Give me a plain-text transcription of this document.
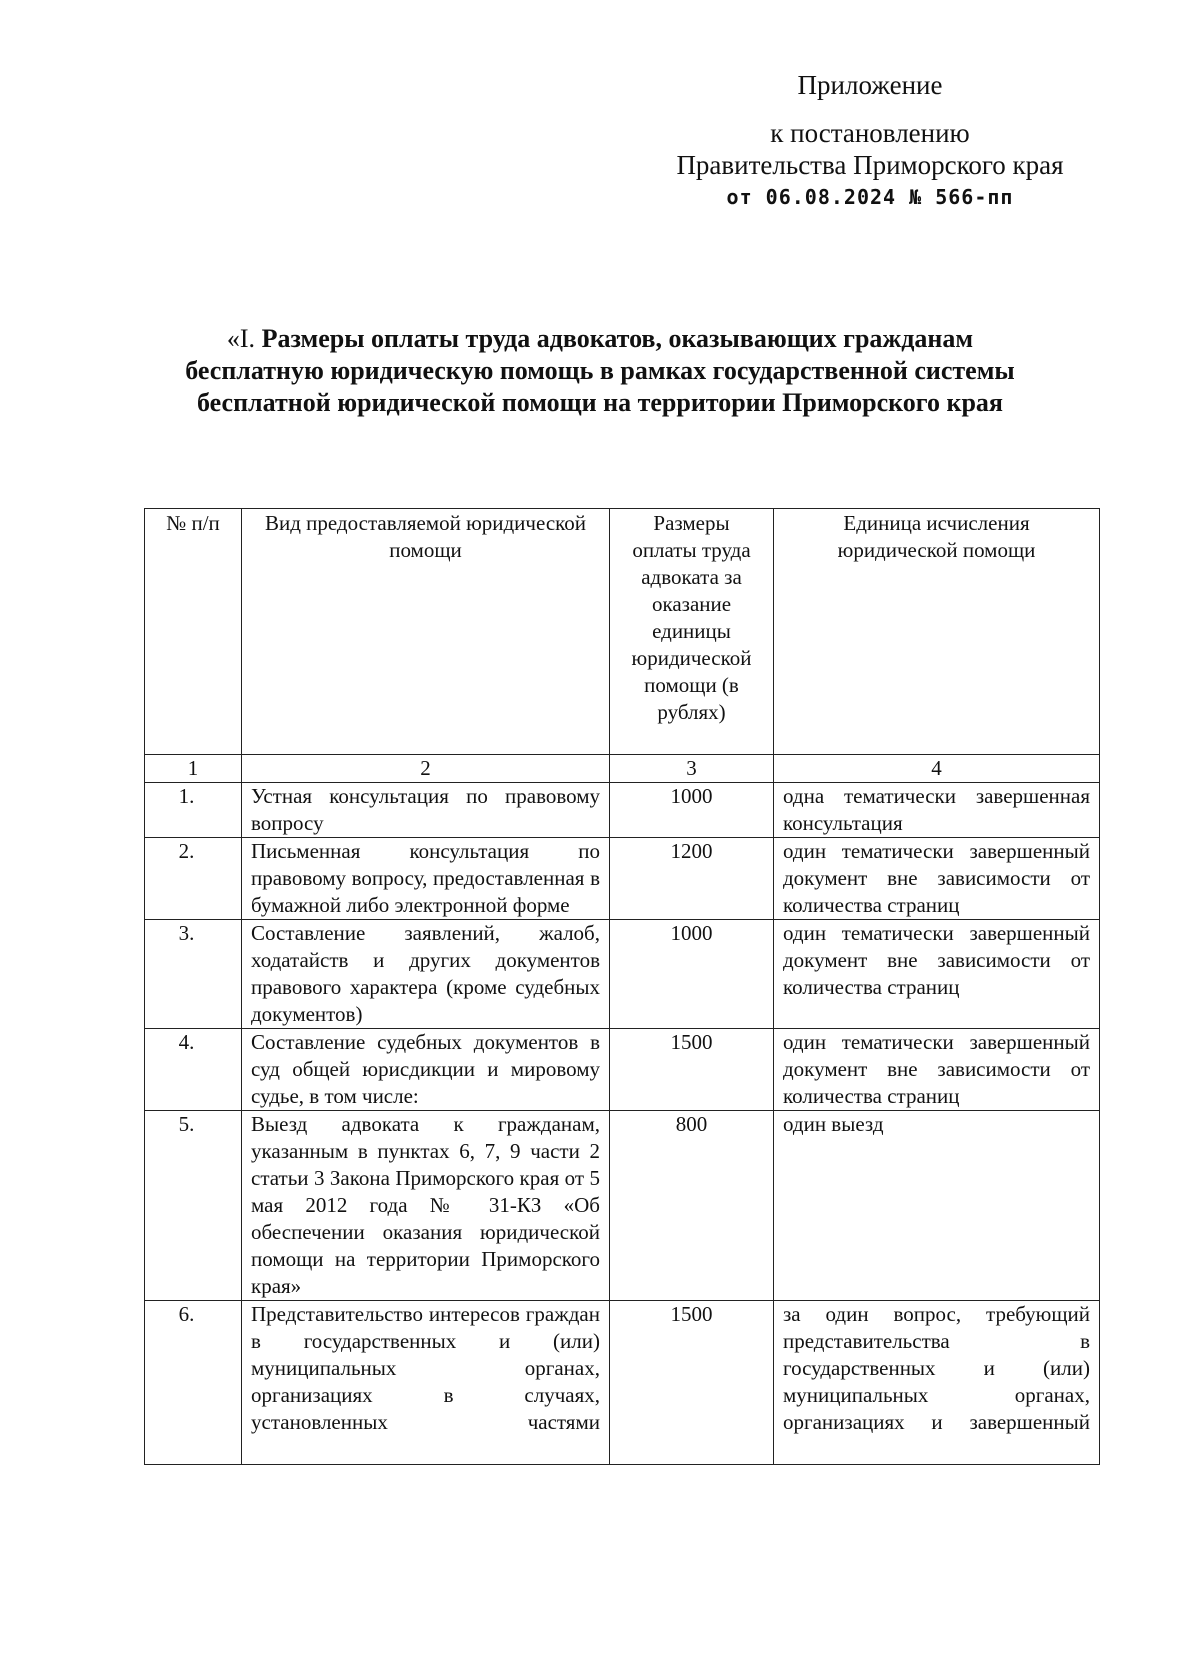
Приложение
к постановлению
Правительства Приморского края
от 06.08.2024 № 566-пп
«I. Размеры оплаты труда адвокатов, оказывающих гражданам бесплатную юридическую помощь в рамках государственной системы бесплатной юридической помощи на территории Приморского края
№ п/п	Вид предоставляемой юридической помощи	Размеры оплаты труда адвоката за оказание единицы юридической помощи (в рублях)	Единица исчисления юридической помощи
1	2	3	4
1.	Устная консультация по правовому вопросу	1000	одна тематически завершенная консультация
2.	Письменная консультация по правовому вопросу, предоставленная в бумажной либо электронной форме	1200	один тематически завершенный документ вне зависимости от количества страниц
3.	Составление заявлений, жалоб, ходатайств и других документов правового характера (кроме судебных документов)	1000	один тематически завершенный документ вне зависимости от количества страниц
4.	Составление судебных документов в суд общей юрисдикции и мировому судье, в том числе:	1500	один тематически завершенный документ вне зависимости от количества страниц
5.	Выезд адвоката к гражданам, указанным в пунктах 6, 7, 9 части 2 статьи 3 Закона Приморского края от 5 мая 2012 года № 31-КЗ «Об обеспечении оказания юридической помощи на территории Приморского края»	800	один выезд
6.	Представительство интересов граждан в государственных и (или) муниципальных органах, организациях в случаях, установленных частями	1500	за один вопрос, требующий представительства в государственных и (или) муниципальных органах, организациях и завершенный
